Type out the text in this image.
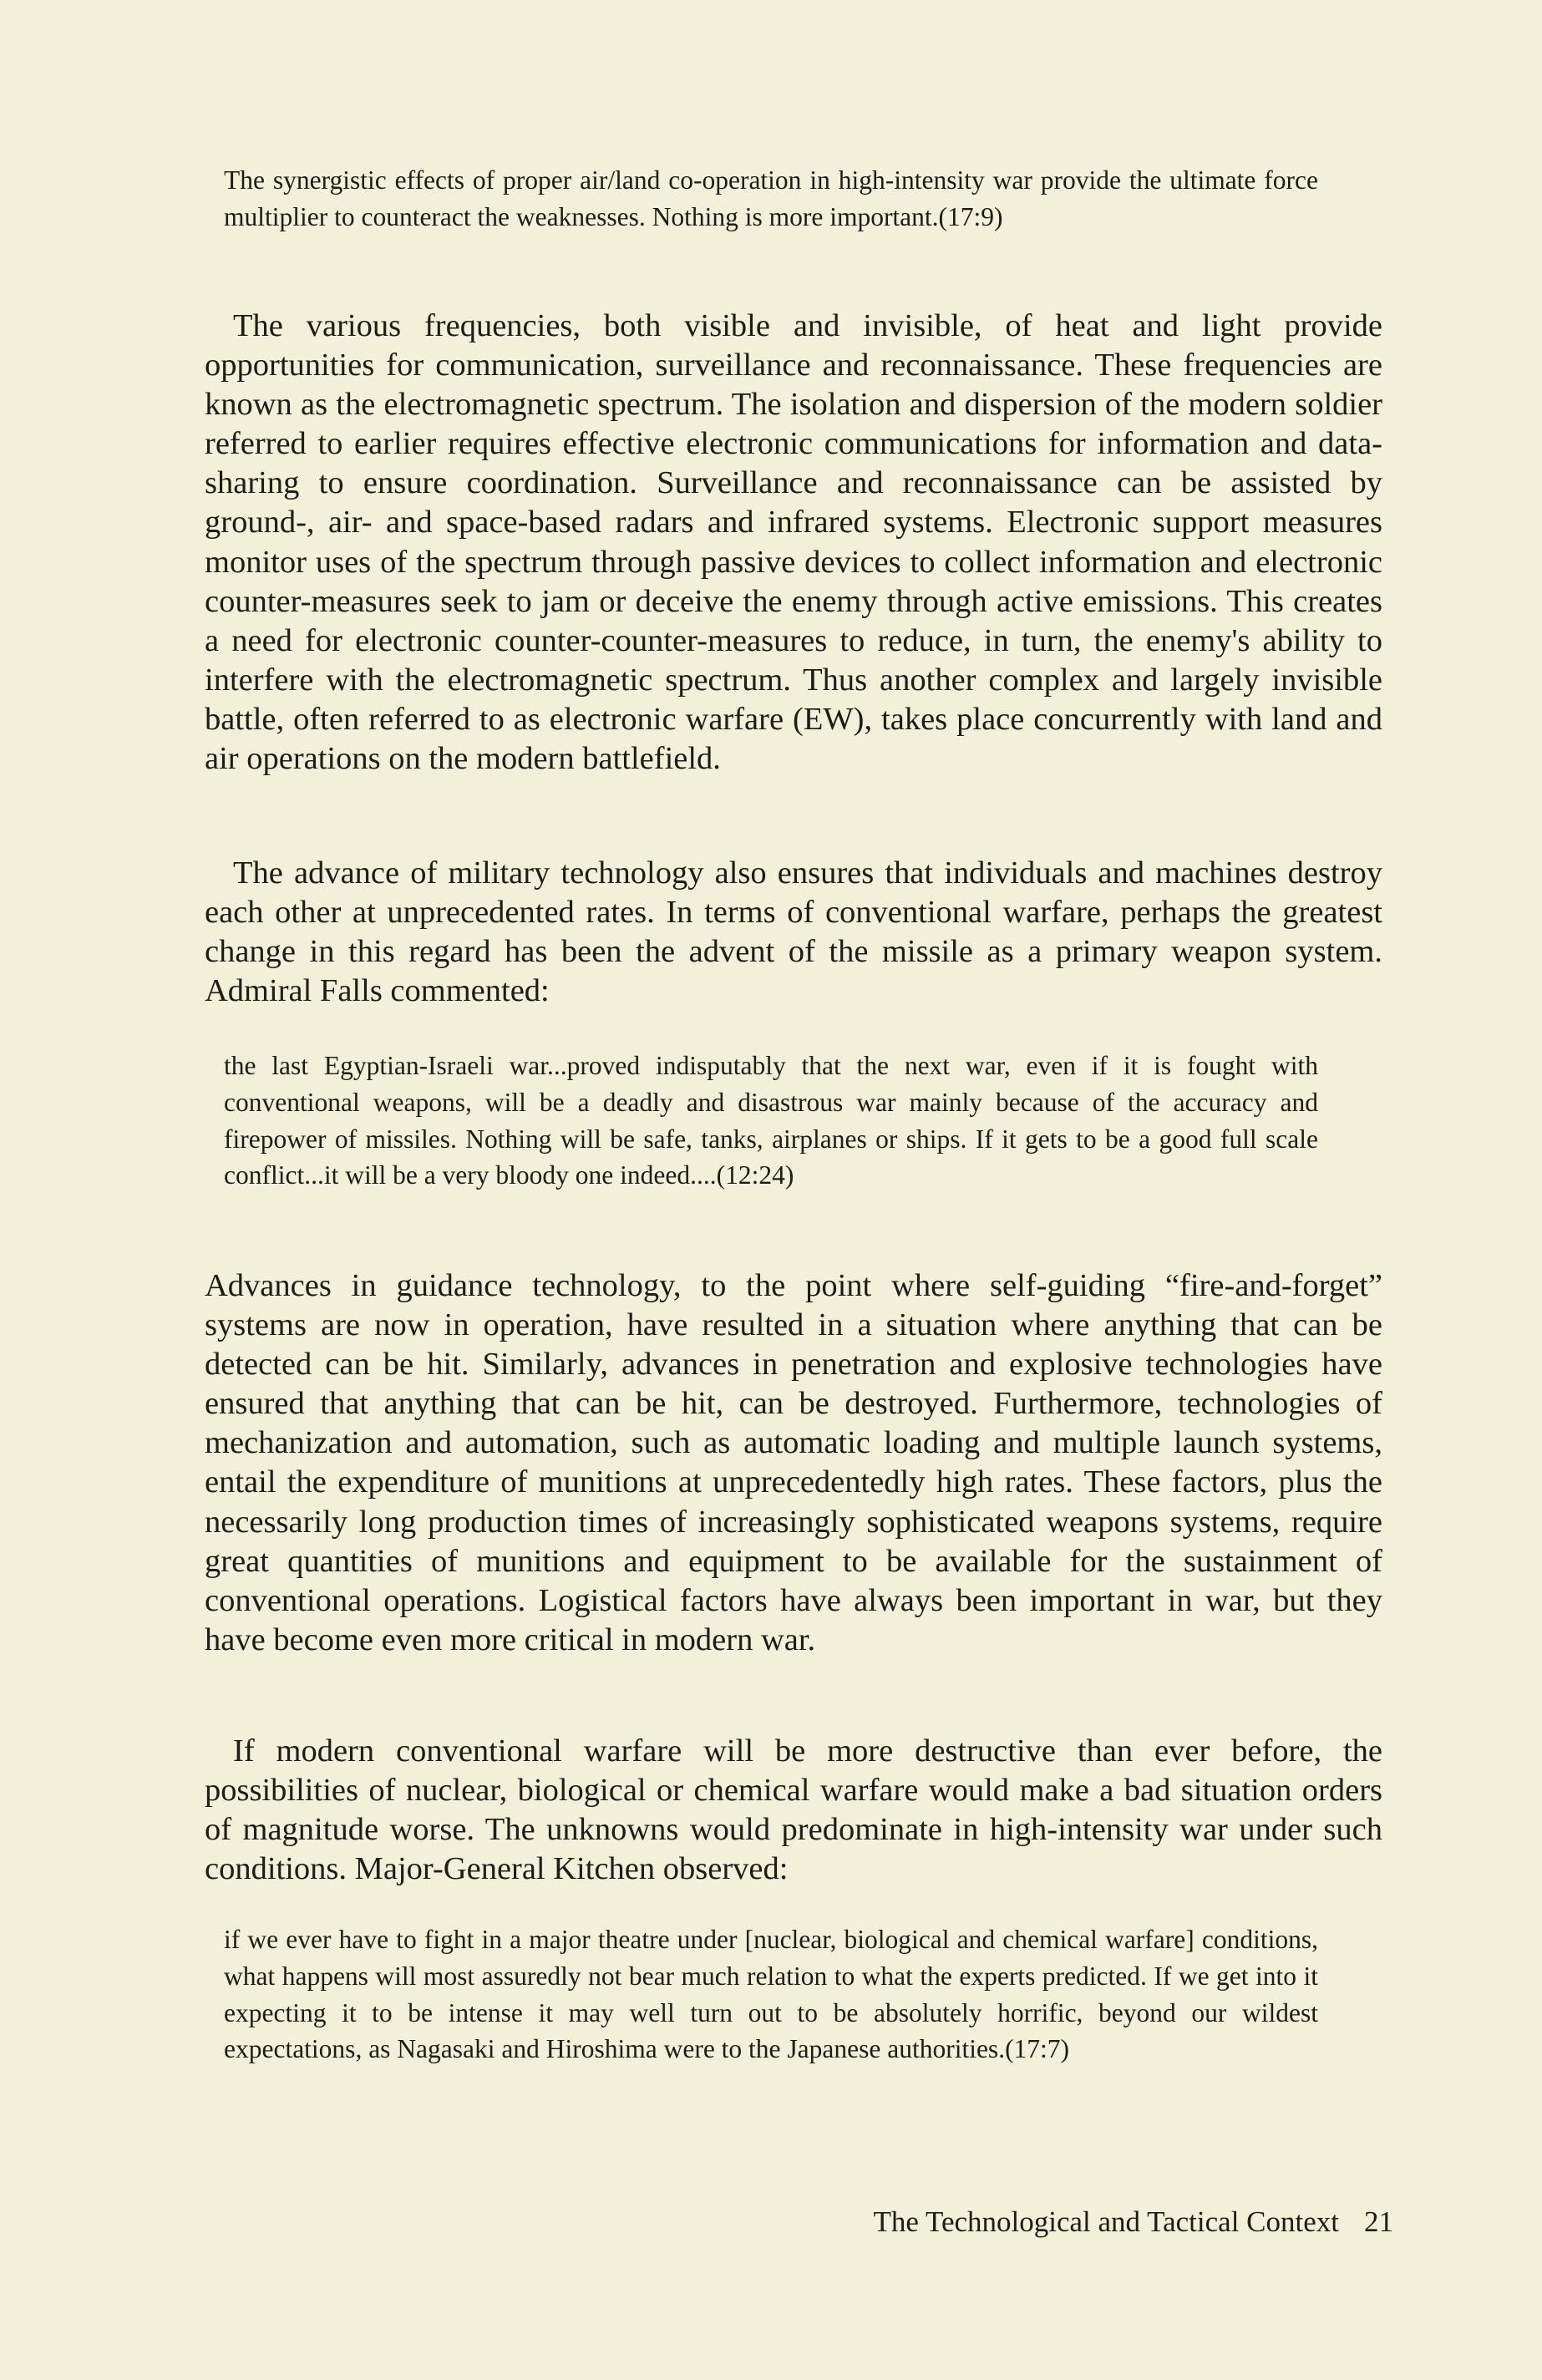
The synergistic effects of proper air/land co-operation in high-intensity war provide the ultimate force multiplier to counteract the weaknesses. Nothing is more important.(17:9)

The various frequencies, both visible and invisible, of heat and light provide opportunities for communication, surveillance and reconnaissance. These frequencies are known as the electromagnetic spectrum. The isolation and dispersion of the modern soldier referred to earlier requires effective electronic communications for information and data-sharing to ensure coordination. Surveillance and reconnaissance can be assisted by ground-, air- and space-based radars and infrared systems. Electronic support measures monitor uses of the spectrum through passive devices to collect information and electronic counter-measures seek to jam or deceive the enemy through active emissions. This creates a need for electronic counter-counter-measures to reduce, in turn, the enemy's ability to interfere with the electromagnetic spectrum. Thus another complex and largely invisible battle, often referred to as electronic warfare (EW), takes place concurrently with land and air operations on the modern battlefield.

The advance of military technology also ensures that individuals and machines destroy each other at unprecedented rates. In terms of conventional warfare, perhaps the greatest change in this regard has been the advent of the missile as a primary weapon system. Admiral Falls commented:

the last Egyptian-Israeli war...proved indisputably that the next war, even if it is fought with conventional weapons, will be a deadly and disastrous war mainly because of the accuracy and firepower of missiles. Nothing will be safe, tanks, airplanes or ships. If it gets to be a good full scale conflict...it will be a very bloody one indeed....(12:24)

Advances in guidance technology, to the point where self-guiding “fire-and-forget” systems are now in operation, have resulted in a situation where anything that can be detected can be hit. Similarly, advances in penetration and explosive technologies have ensured that anything that can be hit, can be destroyed. Furthermore, technologies of mechanization and automation, such as automatic loading and multiple launch systems, entail the expenditure of munitions at unprecedentedly high rates. These factors, plus the necessarily long production times of increasingly sophisticated weapons systems, require great quantities of munitions and equipment to be available for the sustainment of conventional operations. Logistical factors have always been important in war, but they have become even more critical in modern war.

If modern conventional warfare will be more destructive than ever before, the possibilities of nuclear, biological or chemical warfare would make a bad situation orders of magnitude worse. The unknowns would predominate in high-intensity war under such conditions. Major-General Kitchen observed:

if we ever have to fight in a major theatre under [nuclear, biological and chemical warfare] conditions, what happens will most assuredly not bear much relation to what the experts predicted. If we get into it expecting it to be intense it may well turn out to be absolutely horrific, beyond our wildest expectations, as Nagasaki and Hiroshima were to the Japanese authorities.(17:7)

The Technological and Tactical Context 21
